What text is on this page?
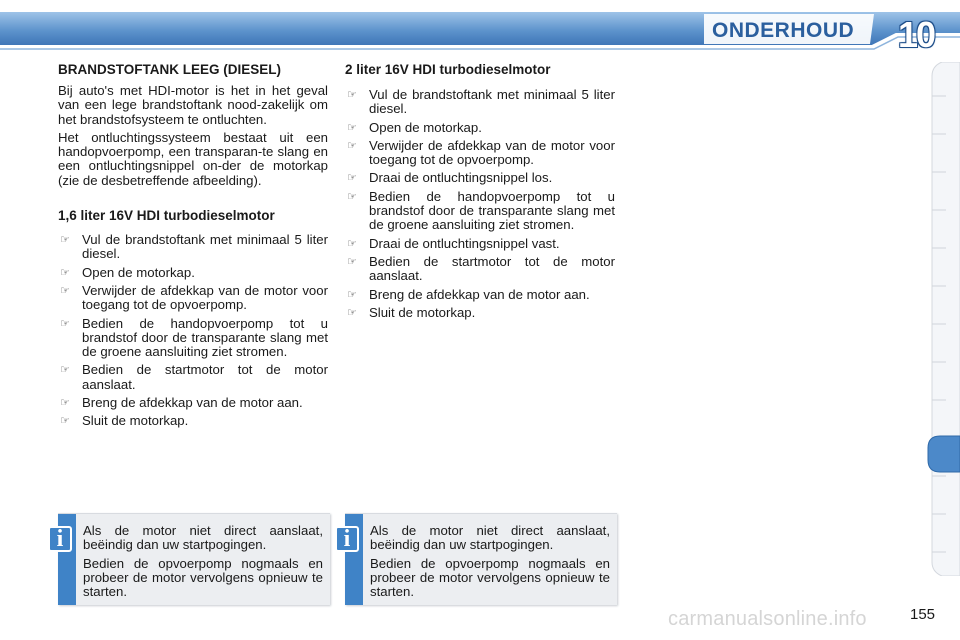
ONDERHOUD 10
BRANDSTOFTANK LEEG (DIESEL)

Bij auto's met HDI-motor is het in het geval van een lege brandstoftank nood-zakelijk om het brandstofsysteem te ontluchten.

Het ontluchtingssysteem bestaat uit een handopvoerpomp, een transparan-te slang en een ontluchtingsnippel on-der de motorkap (zie de desbetreffende afbeelding).

1,6 liter 16V HDI turbodieselmotor
☞ Vul de brandstoftank met minimaal 5 liter diesel.
☞ Open de motorkap.
☞ Verwijder de afdekkap van de motor voor toegang tot de opvoerpomp.
☞ Bedien de handopvoerpomp tot u brandstof door de transparante slang met de groene aansluiting ziet stromen.
☞ Bedien de startmotor tot de motor aanslaat.
☞ Breng de afdekkap van de motor aan.
☞ Sluit de motorkap.
2 liter 16V HDI turbodieselmotor
☞ Vul de brandstoftank met minimaal 5 liter diesel.
☞ Open de motorkap.
☞ Verwijder de afdekkap van de motor voor toegang tot de opvoerpomp.
☞ Draai de ontluchtingsnippel los.
☞ Bedien de handopvoerpomp tot u brandstof door de transparante slang met de groene aansluiting ziet stromen.
☞ Draai de ontluchtingsnippel vast.
☞ Bedien de startmotor tot de motor aanslaat.
☞ Breng de afdekkap van de motor aan.
☞ Sluit de motorkap.
i	Als de motor niet direct aanslaat, beëindig dan uw startpogingen.

Bedien de opvoerpomp nogmaals en probeer de motor vervolgens opnieuw te starten.

i	Als de motor niet direct aanslaat, beëindig dan uw startpogingen.

Bedien de opvoerpomp nogmaals en probeer de motor vervolgens opnieuw te starten.

carmanualsonline.info	155
